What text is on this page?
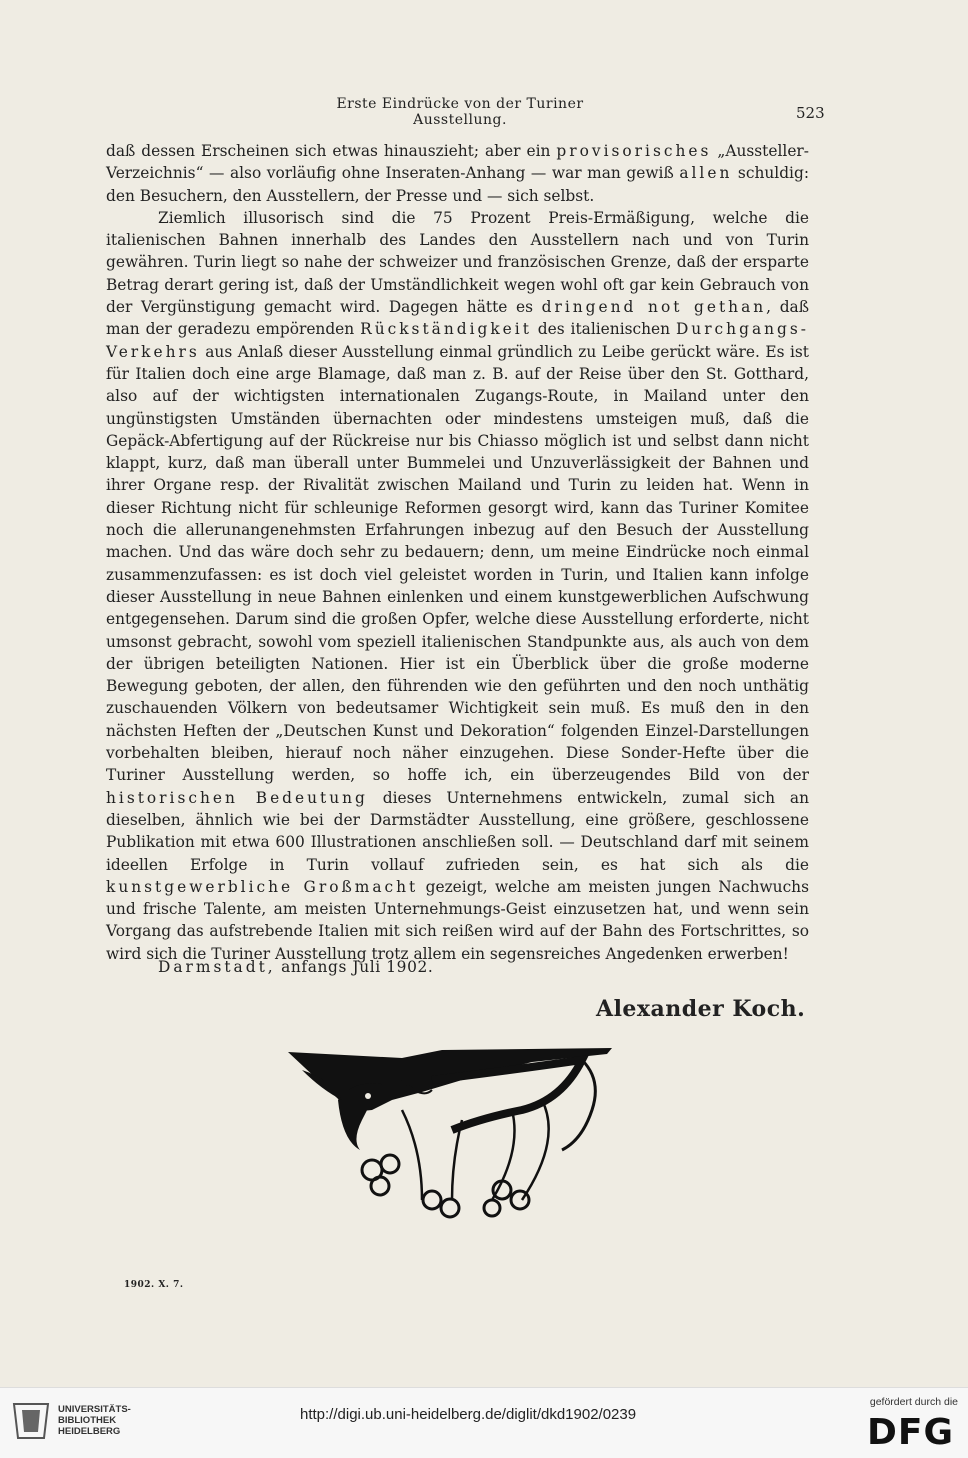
Erste Eindrücke von der Turiner Ausstellung.	523

daß dessen Erscheinen sich etwas hinauszieht; aber ein provisorisches „Aussteller-Verzeichnis“ — also vorläufig ohne Inseraten-Anhang — war man gewiß allen schuldig: den Besuchern, den Ausstellern, der Presse und — sich selbst.

Ziemlich illusorisch sind die 75 Prozent Preis-Ermäßigung, welche die italienischen Bahnen innerhalb des Landes den Ausstellern nach und von Turin gewähren. Turin liegt so nahe der schweizer und französischen Grenze, daß der ersparte Betrag derart gering ist, daß der Umständlichkeit wegen wohl oft gar kein Gebrauch von der Vergünstigung gemacht wird. Dagegen hätte es dringend not gethan, daß man der geradezu empörenden Rückständigkeit des italienischen Durchgangs-Verkehrs aus Anlaß dieser Ausstellung einmal gründlich zu Leibe gerückt wäre. Es ist für Italien doch eine arge Blamage, daß man z. B. auf der Reise über den St. Gotthard, also auf der wichtigsten internationalen Zugangs-Route, in Mailand unter den ungünstigsten Umständen übernachten oder mindestens umsteigen muß, daß die Gepäck-Abfertigung auf der Rückreise nur bis Chiasso möglich ist und selbst dann nicht klappt, kurz, daß man überall unter Bummelei und Unzuverlässigkeit der Bahnen und ihrer Organe resp. der Rivalität zwischen Mailand und Turin zu leiden hat. Wenn in dieser Richtung nicht für schleunige Reformen gesorgt wird, kann das Turiner Komitee noch die allerunangenehmsten Erfahrungen inbezug auf den Besuch der Ausstellung machen. Und das wäre doch sehr zu bedauern; denn, um meine Eindrücke noch einmal zusammenzufassen: es ist doch viel geleistet worden in Turin, und Italien kann infolge dieser Ausstellung in neue Bahnen einlenken und einem kunstgewerblichen Aufschwung entgegensehen. Darum sind die großen Opfer, welche diese Ausstellung erforderte, nicht umsonst gebracht, sowohl vom speziell italienischen Standpunkte aus, als auch von dem der übrigen beteiligten Nationen. Hier ist ein Überblick über die große moderne Bewegung geboten, der allen, den führenden wie den geführten und den noch unthätig zuschauenden Völkern von bedeutsamer Wichtigkeit sein muß. Es muß den in den nächsten Heften der „Deutschen Kunst und Dekoration“ folgenden Einzel-Darstellungen vorbehalten bleiben, hierauf noch näher einzugehen. Diese Sonder-Hefte über die Turiner Ausstellung werden, so hoffe ich, ein überzeugendes Bild von der historischen Bedeutung dieses Unternehmens entwickeln, zumal sich an dieselben, ähnlich wie bei der Darmstädter Ausstellung, eine größere, geschlossene Publikation mit etwa 600 Illustrationen anschließen soll. — Deutschland darf mit seinem ideellen Erfolge in Turin vollauf zufrieden sein, es hat sich als die kunstgewerbliche Großmacht gezeigt, welche am meisten jungen Nachwuchs und frische Talente, am meisten Unternehmungs-Geist einzusetzen hat, und wenn sein Vorgang das aufstrebende Italien mit sich reißen wird auf der Bahn des Fortschrittes, so wird sich die Turiner Ausstellung trotz allem ein segensreiches Angedenken erwerben!

Darmstadt, anfangs Juli 1902.
Alexander Koch.
1902. X. 7.
UNIVERSITÄTS-
BIBLIOTHEK
HEIDELBERG
http://digi.ub.uni-heidelberg.de/diglit/dkd1902/0239
gefördert durch die
DFG
